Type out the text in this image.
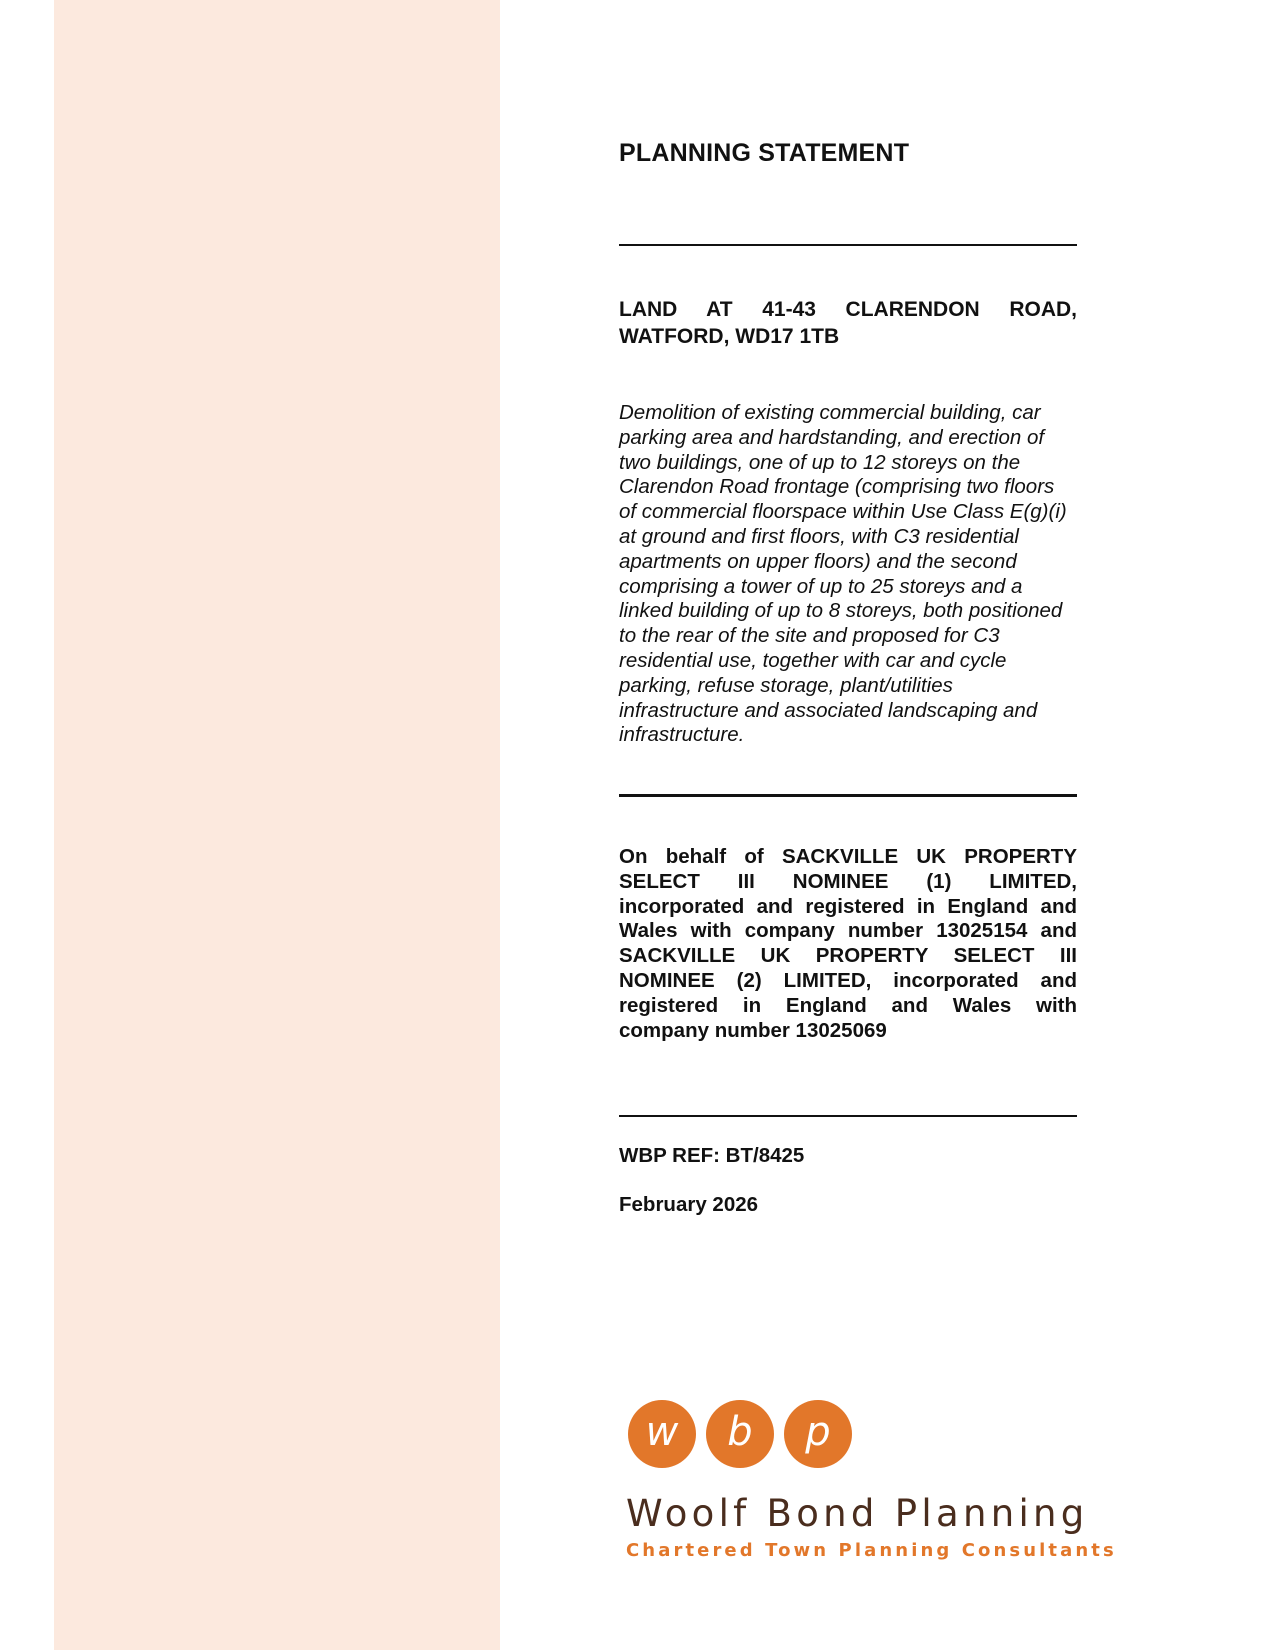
PLANNING STATEMENT

LAND AT 41-43 CLARENDON ROAD, WATFORD, WD17 1TB

Demolition of existing commercial building, car parking area and hardstanding, and erection of two buildings, one of up to 12 storeys on the Clarendon Road frontage (comprising two floors of commercial floorspace within Use Class E(g)(i) at ground and first floors, with C3 residential apartments on upper floors) and the second comprising a tower of up to 25 storeys and a linked building of up to 8 storeys, both positioned to the rear of the site and proposed for C3 residential use, together with car and cycle parking, refuse storage, plant/utilities infrastructure and associated landscaping and infrastructure.

On behalf of SACKVILLE UK PROPERTY SELECT III NOMINEE (1) LIMITED, incorporated and registered in England and Wales with company number 13025154 and SACKVILLE UK PROPERTY SELECT III NOMINEE (2) LIMITED, incorporated and registered in England and Wales with company number 13025069

WBP REF: BT/8425

February 2026

w	b	p
Woolf Bond Planning
Chartered Town Planning Consultants
